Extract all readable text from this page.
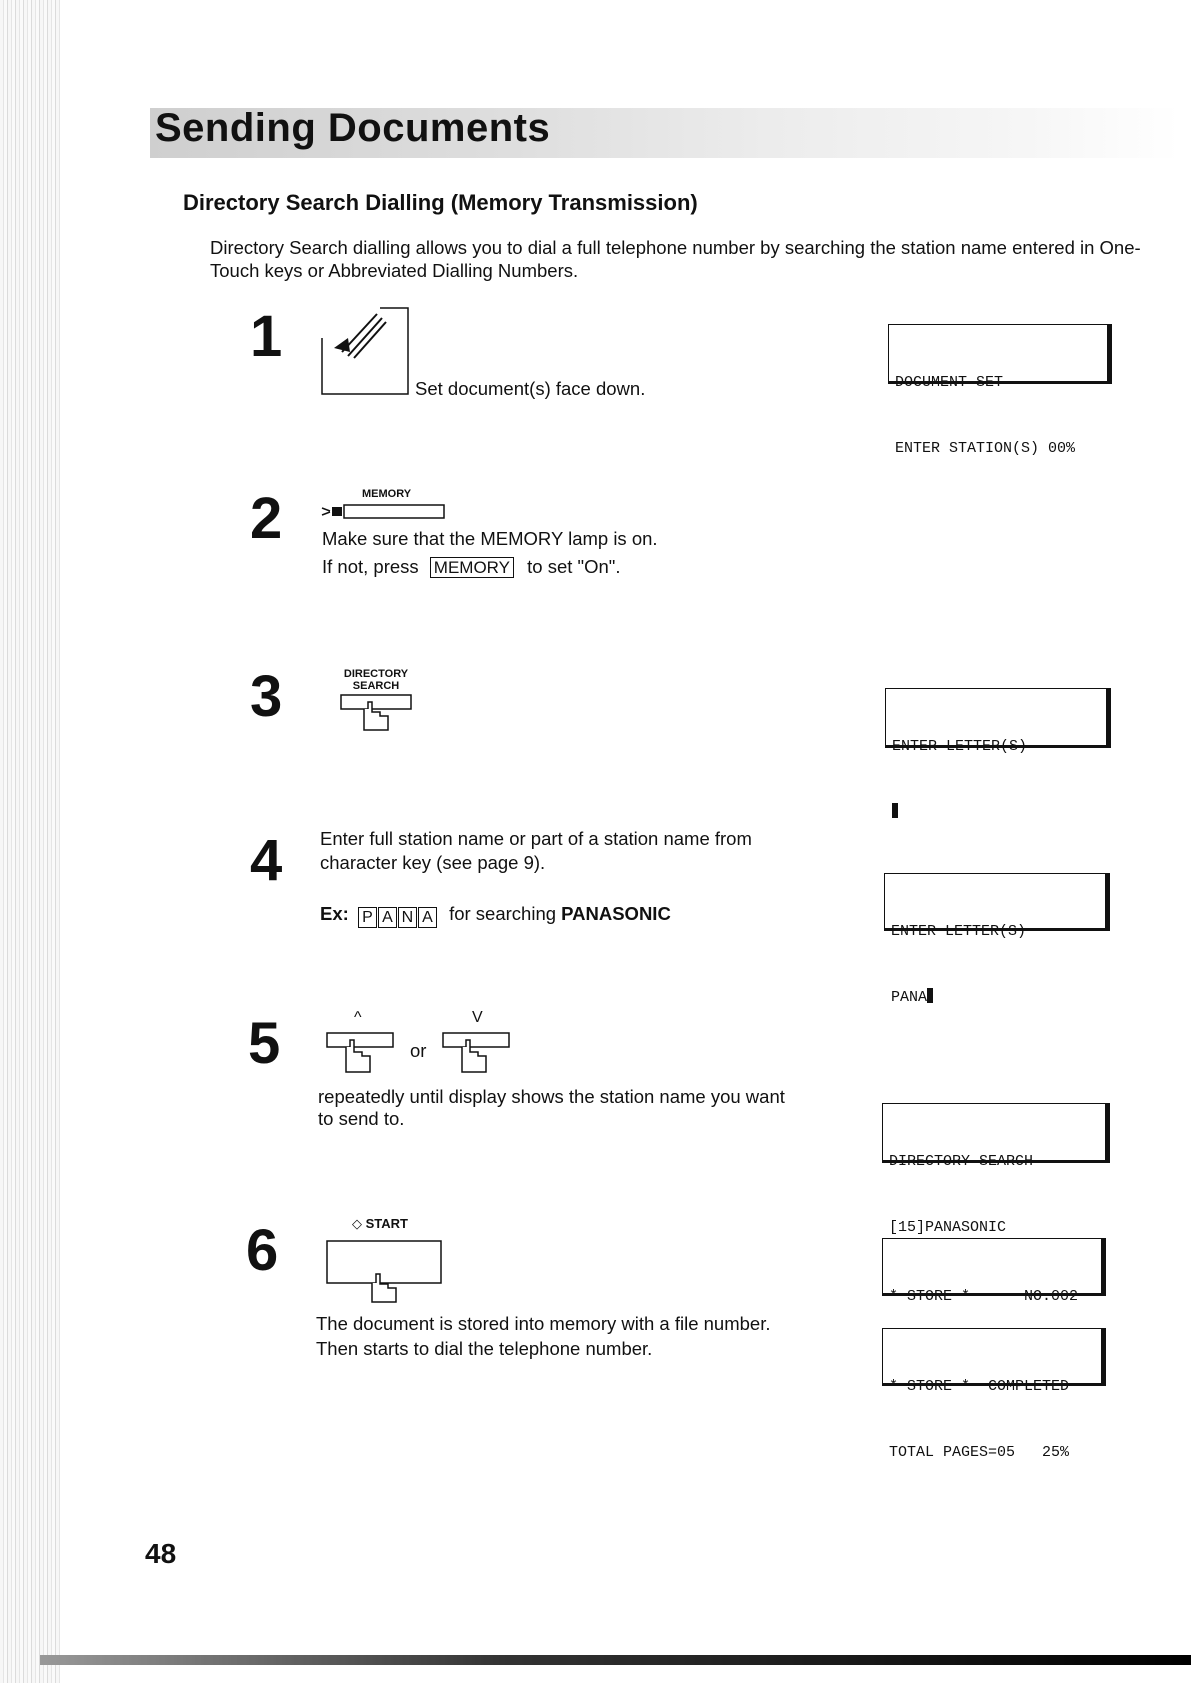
Sending Documents
Directory Search Dialling (Memory Transmission)

Directory Search dialling allows you to dial a full telephone number by searching the station name entered in One-Touch keys or Abbreviated Dialling Numbers.

1

Set document(s) face down.

	DOCUMENT SET

ENTER STATION(S) 00%

2	MEMORY

Make sure that the MEMORY lamp is on.

If not, press MEMORY to set "On".

3	DIRECTORY
SEARCH

ENTER LETTER(S)

4 Enter full station name or part of a station name from

character key (see page 9).

Ex: P A N A for searching PANASONIC

ENTER LETTER(S)

PANA

5	^	V
or

repeatedly until display shows the station name you want

to send to.

DIRECTORY SEARCH

[15]PANASONIC

6	◇ START

The document is stored into memory with a file number.

Then starts to dial the telephone number.

* STORE *      NO.002

* STORE *  COMPLETED

TOTAL PAGES=05   25%

48
